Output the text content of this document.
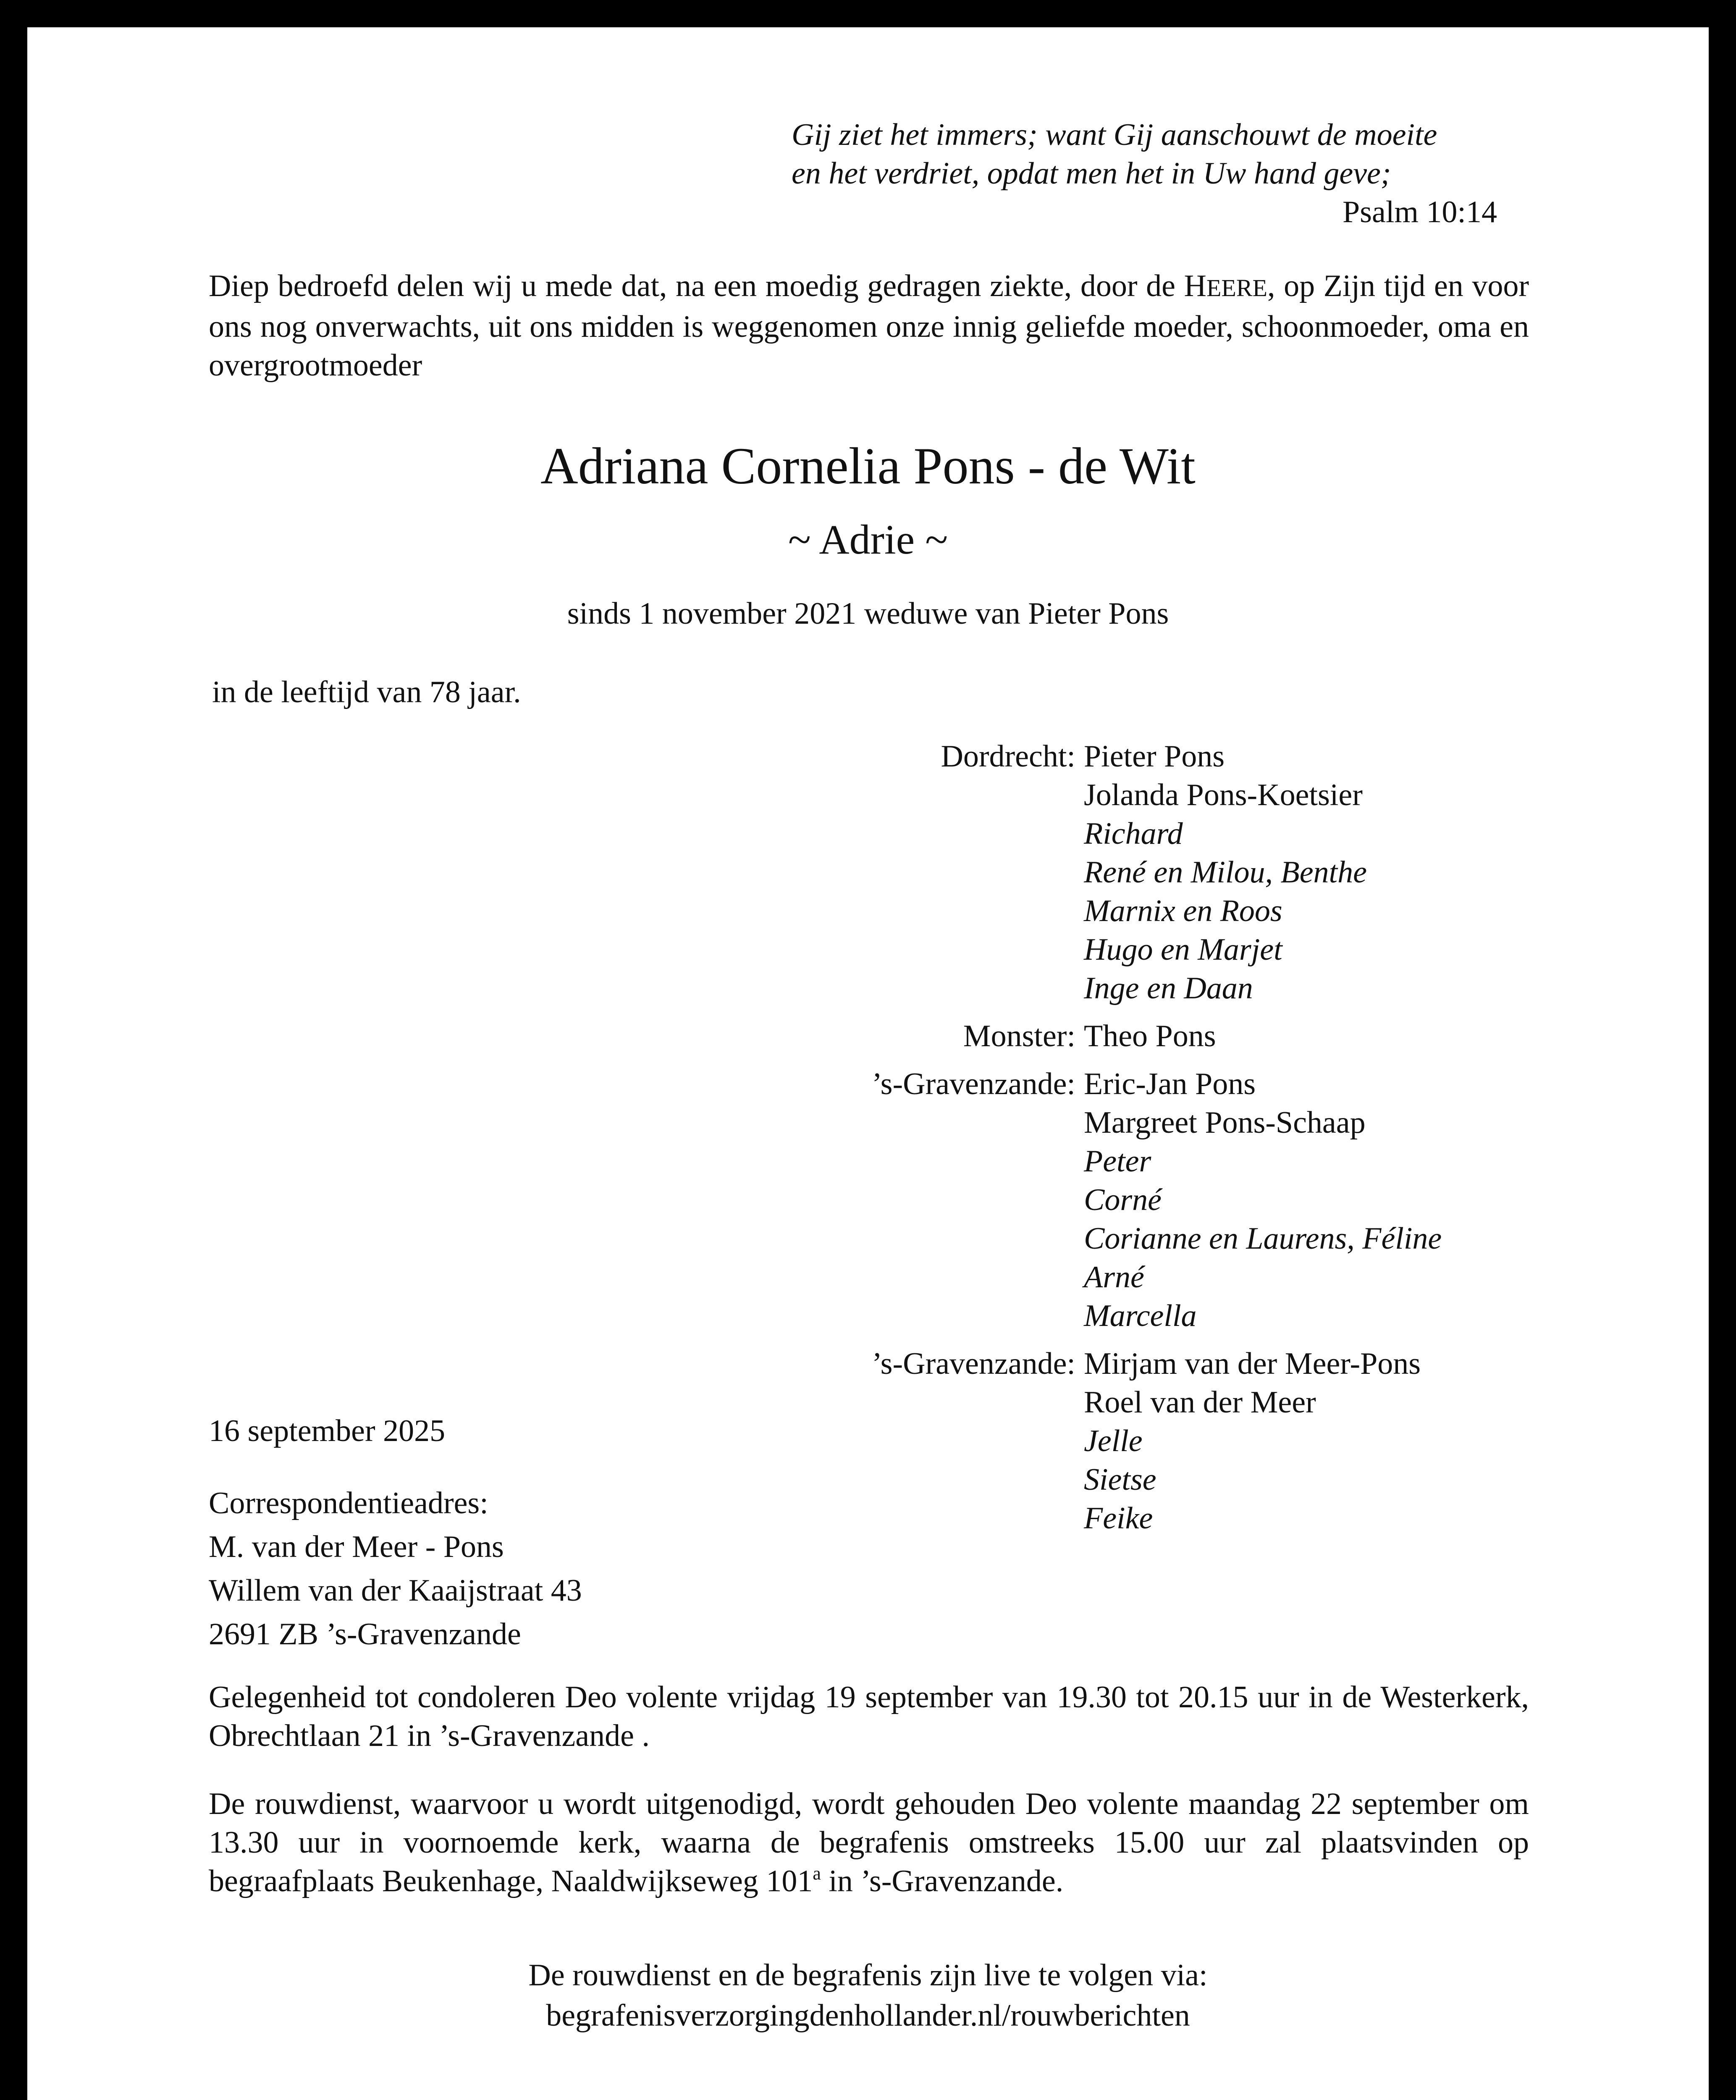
Gij ziet het immers; want Gij aanschouwt de moeite
en het verdriet, opdat men het in Uw hand geve;
Psalm 10:14
Diep bedroefd delen wij u mede dat, na een moedig gedragen ziekte, door de HEERE, op Zijn tijd en voor ons nog onverwachts, uit ons midden is weggenomen onze innig geliefde moeder, schoonmoeder, oma en overgrootmoeder
Adriana Cornelia Pons - de Wit
~ Adrie ~
sinds 1 november 2021 weduwe van Pieter Pons
in de leeftijd van 78 jaar.
Dordrecht: Pieter Pons
Jolanda Pons-Koetsier
Richard
René en Milou, Benthe
Marnix en Roos
Hugo en Marjet
Inge en Daan
Monster: Theo Pons
’s-Gravenzande: Eric-Jan Pons
Margreet Pons-Schaap
Peter
Corné
Corianne en Laurens, Féline
Arné
Marcella
’s-Gravenzande: Mirjam van der Meer-Pons
Roel van der Meer
Jelle
Sietse
Feike
16 september 2025
Correspondentieadres:
M. van der Meer - Pons
Willem van der Kaaijstraat 43
2691 ZB ’s-Gravenzande
Gelegenheid tot condoleren Deo volente vrijdag 19 september van 19.30 tot 20.15 uur in de Westerkerk, Obrechtlaan 21 in ’s-Gravenzande .
De rouwdienst, waarvoor u wordt uitgenodigd, wordt gehouden Deo volente maandag 22 september om 13.30 uur in voornoemde kerk, waarna de begrafenis omstreeks 15.00 uur zal plaatsvinden op begraafplaats Beukenhage, Naaldwijkseweg 101$^a$ in ’s-Gravenzande.
De rouwdienst en de begrafenis zijn live te volgen via:
begrafenisverzorgingdenhollander.nl/rouwberichten
